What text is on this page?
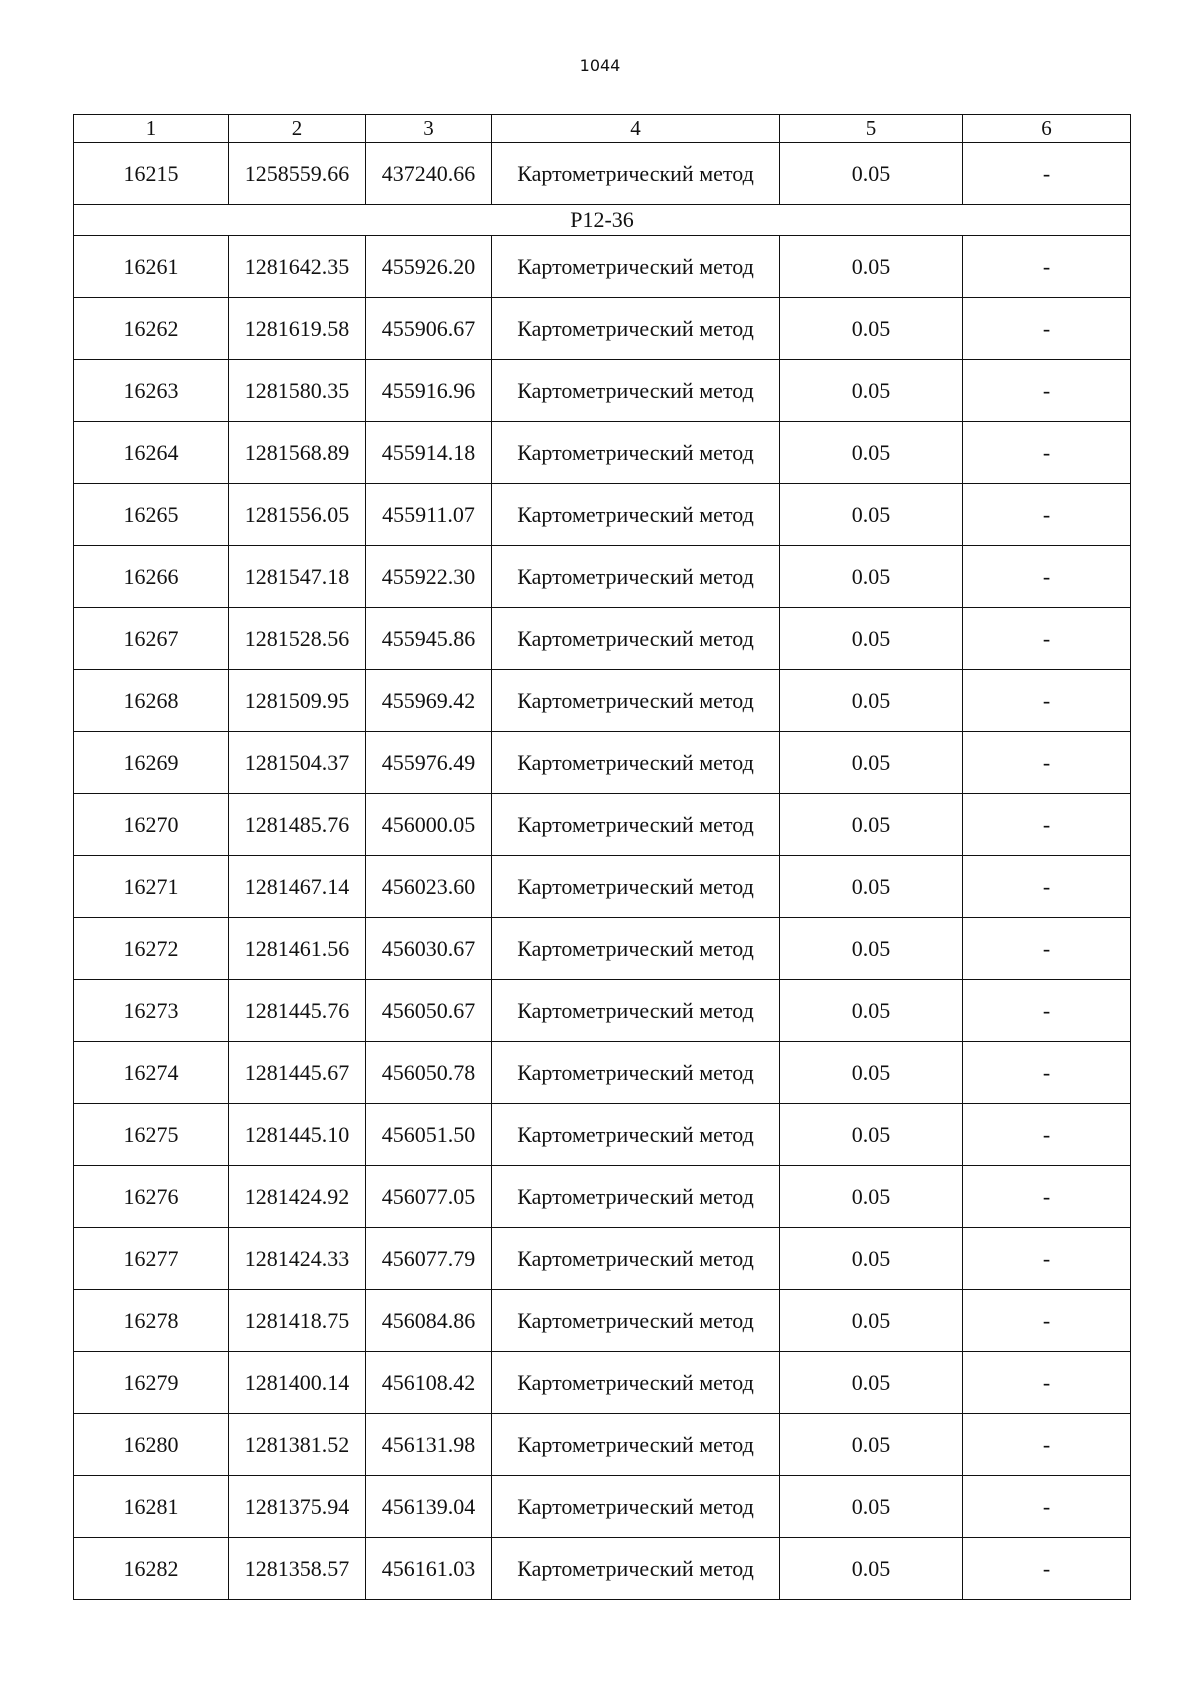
1044
1	2	3	4	5	6
16215	1258559.66	437240.66	Картометрический метод	0.05	-
Р12-36					
16261	1281642.35	455926.20	Картометрический метод	0.05	-
16262	1281619.58	455906.67	Картометрический метод	0.05	-
16263	1281580.35	455916.96	Картометрический метод	0.05	-
16264	1281568.89	455914.18	Картометрический метод	0.05	-
16265	1281556.05	455911.07	Картометрический метод	0.05	-
16266	1281547.18	455922.30	Картометрический метод	0.05	-
16267	1281528.56	455945.86	Картометрический метод	0.05	-
16268	1281509.95	455969.42	Картометрический метод	0.05	-
16269	1281504.37	455976.49	Картометрический метод	0.05	-
16270	1281485.76	456000.05	Картометрический метод	0.05	-
16271	1281467.14	456023.60	Картометрический метод	0.05	-
16272	1281461.56	456030.67	Картометрический метод	0.05	-
16273	1281445.76	456050.67	Картометрический метод	0.05	-
16274	1281445.67	456050.78	Картометрический метод	0.05	-
16275	1281445.10	456051.50	Картометрический метод	0.05	-
16276	1281424.92	456077.05	Картометрический метод	0.05	-
16277	1281424.33	456077.79	Картометрический метод	0.05	-
16278	1281418.75	456084.86	Картометрический метод	0.05	-
16279	1281400.14	456108.42	Картометрический метод	0.05	-
16280	1281381.52	456131.98	Картометрический метод	0.05	-
16281	1281375.94	456139.04	Картометрический метод	0.05	-
16282	1281358.57	456161.03	Картометрический метод	0.05	-
